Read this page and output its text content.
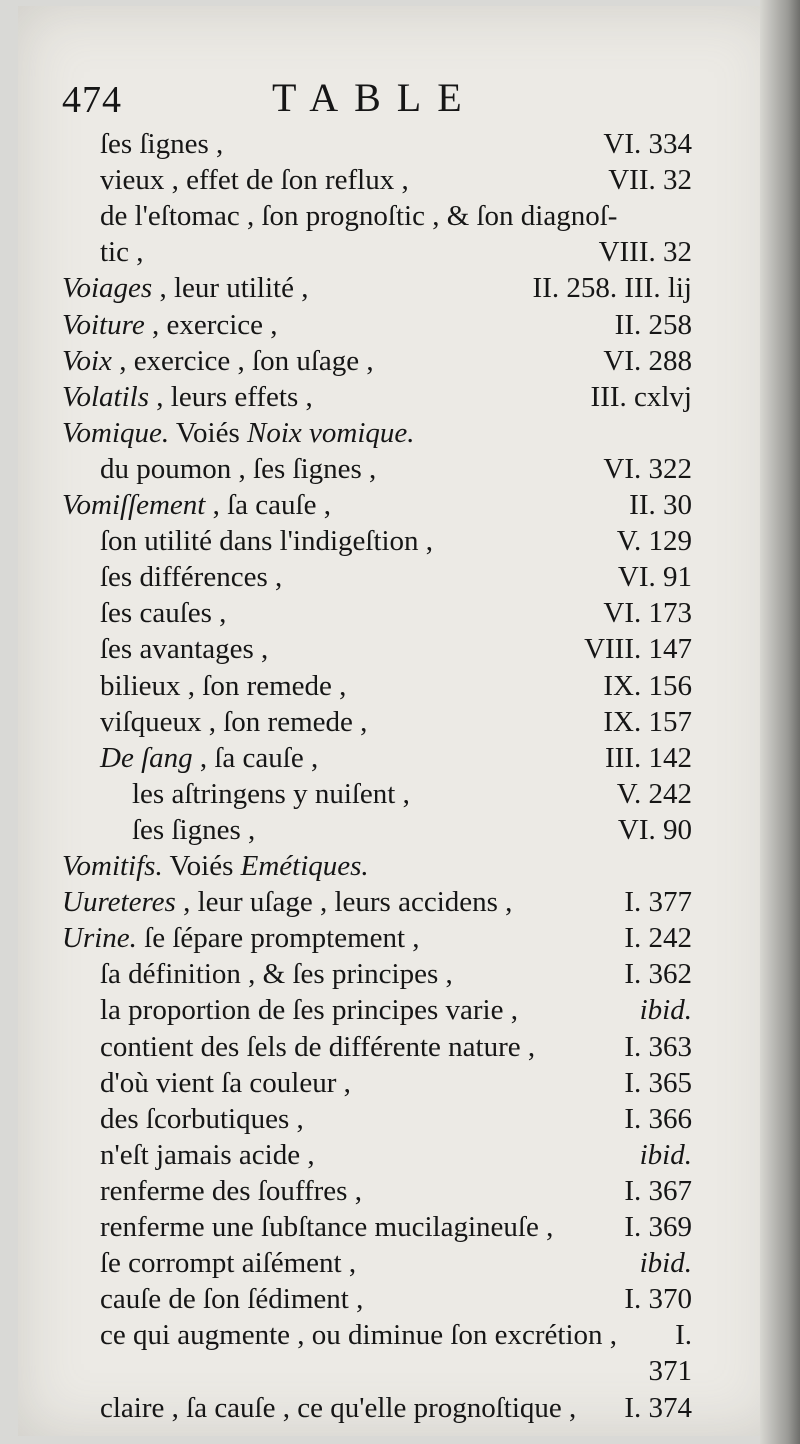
474	TABLE
ſes ſignes ,	VI. 334
vieux , effet de ſon reflux ,	VII. 32
de l'eſtomac , ſon prognoſtic , & ſon diagnoſ-
tic ,	VIII. 32
Voiages , leur utilité ,	II. 258. III. lij
Voiture , exercice ,	II. 258
Voix , exercice , ſon uſage ,	VI. 288
Volatils , leurs effets ,	III. cxlvj
Vomique. Voiés Noix vomique.
du poumon , ſes ſignes ,	VI. 322
Vomiſſement , ſa cauſe ,	II. 30
ſon utilité dans l'indigeſtion ,	V. 129
ſes différences ,	VI. 91
ſes cauſes ,	VI. 173
ſes avantages ,	VIII. 147
bilieux , ſon remede ,	IX. 156
viſqueux , ſon remede ,	IX. 157
De ſang , ſa cauſe ,	III. 142
les aſtringens y nuiſent ,	V. 242
ſes ſignes ,	VI. 90
Vomitifs. Voiés Emétiques.
Uureteres , leur uſage , leurs accidens ,	I. 377
Urine. ſe ſépare promptement ,	I. 242
ſa définition , & ſes principes ,	I. 362
la proportion de ſes principes varie ,	ibid.
contient des ſels de différente nature ,	I. 363
d'où vient ſa couleur ,	I. 365
des ſcorbutiques ,	I. 366
n'eſt jamais acide ,	ibid.
renferme des ſouffres ,	I. 367
renferme une ſubſtance mucilagineuſe , I. 369
ſe corrompt aiſément ,	ibid.
cauſe de ſon ſédiment ,	I. 370
ce qui augmente , ou diminue ſon excrétion , I.
371
claire , ſa cauſe , ce qu'elle prognoſtique , I. 374
